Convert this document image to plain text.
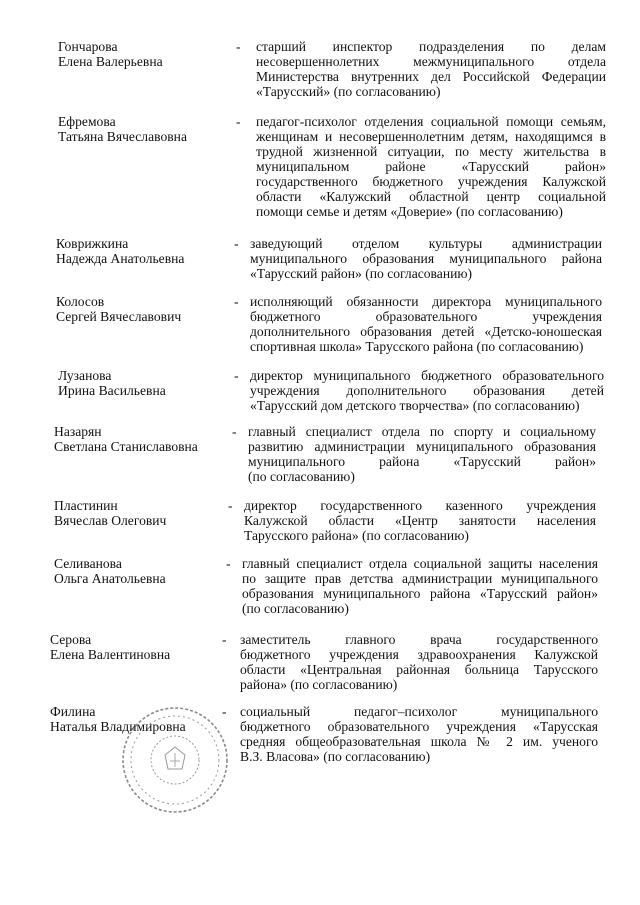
Гончарова
Елена Валерьевна
- старший инспектор подразделения по делам
несовершеннолетних межмуниципального отдела
Министерства внутренних дел Российской Федерации
«Тарусский» (по согласованию)
Ефремова
Татьяна Вячеславовна
- педагог-психолог отделения социальной помощи семьям,
женщинам и несовершеннолетним детям, находящимся в
трудной жизненной ситуации, по месту жительства в
муниципальном районе «Тарусский район»
государственного бюджетного учреждения Калужской
области «Калужский областной центр социальной
помощи семье и детям «Доверие» (по согласованию)
Коврижкина
Надежда Анатольевна
- заведующий отделом культуры администрации
муниципального образования муниципального района
«Тарусский район» (по согласованию)
Колосов
Сергей Вячеславович
- исполняющий обязанности директора муниципального
бюджетного образовательного учреждения
дополнительного образования детей «Детско-юношеская
спортивная школа» Тарусского района (по согласованию)
Лузанова
Ирина Васильевна
- директор муниципального бюджетного образовательного
учреждения дополнительного образования детей
«Тарусский дом детского творчества» (по согласованию)
Назарян
Светлана Станиславовна
- главный специалист отдела по спорту и социальному
развитию администрации муниципального образования
муниципального района «Тарусский район»
(по согласованию)
Пластинин
Вячеслав Олегович
- директор государственного казенного учреждения
Калужской области «Центр занятости населения
Тарусского района» (по согласованию)
Селиванова
Ольга Анатольевна
- главный специалист отдела социальной защиты населения
по защите прав детства администрации муниципального
образования муниципального района «Тарусский район»
(по согласованию)
Серова
Елена Валентиновна
- заместитель главного врача государственного
бюджетного учреждения здравоохранения Калужской
области «Центральная районная больница Тарусского
района» (по согласованию)
Филина
Наталья Владимировна
- социальный педагог–психолог муниципального
бюджетного образовательного учреждения «Тарусская
средняя общеобразовательная школа № 2 им. ученого
В.З. Власова» (по согласованию)
